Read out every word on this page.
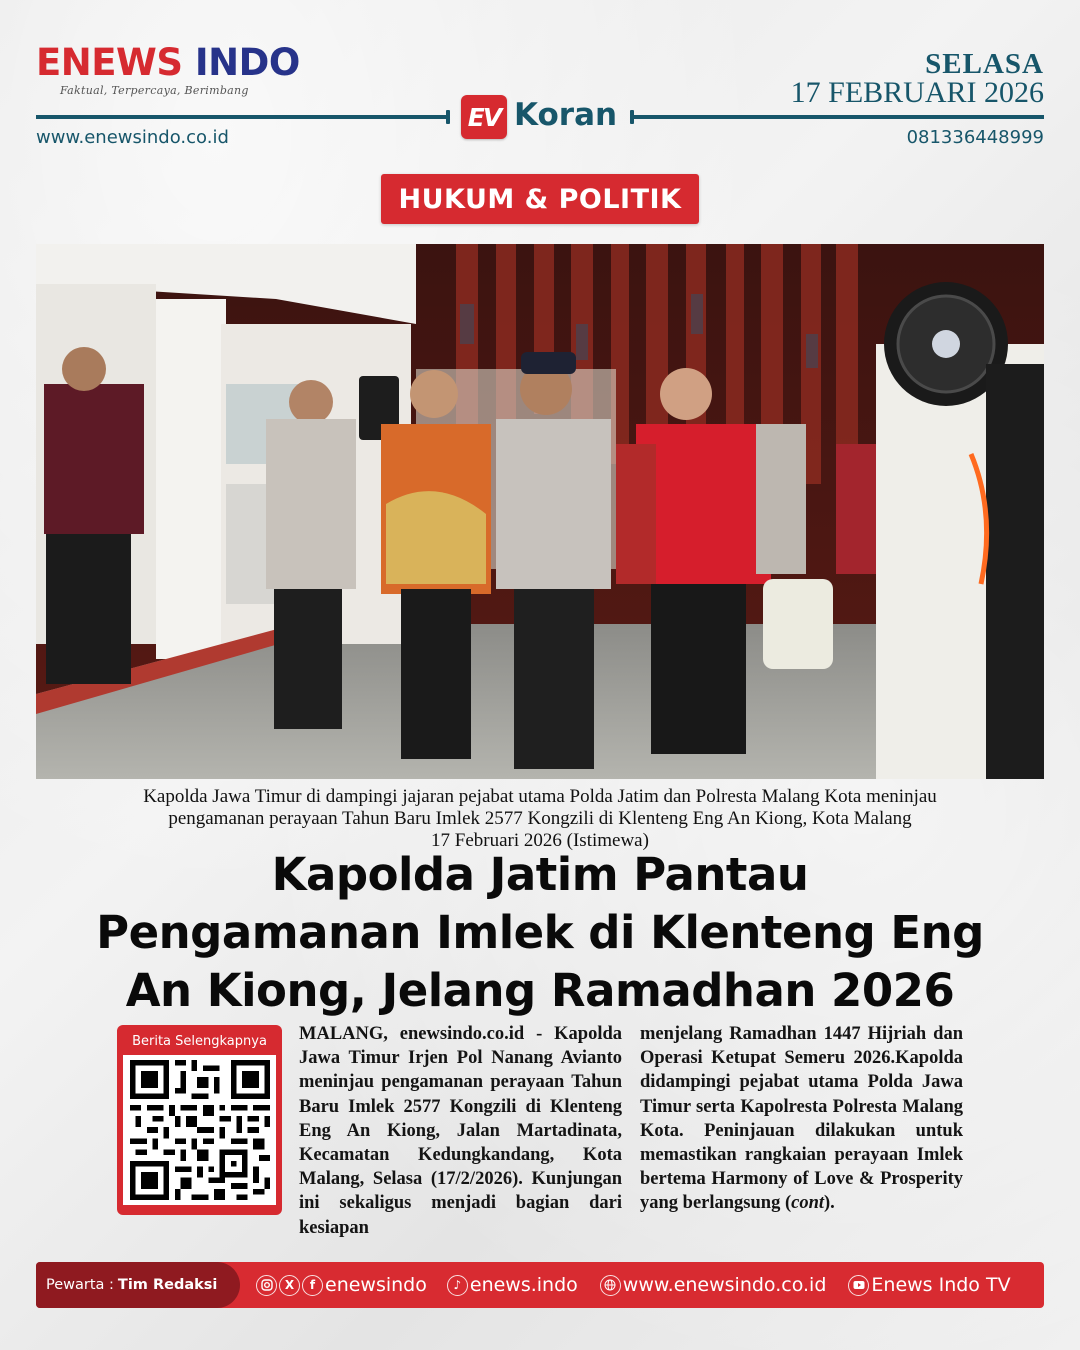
ENEWS INDO
Faktual, Terpercaya, Berimbang
SELASA
17 FEBRUARI 2026
EV Koran
www.enewsindo.co.id	081336448999
HUKUM & POLITIK
Kapolda Jawa Timur di dampingi jajaran pejabat utama Polda Jatim dan Polresta Malang Kota meninjau
pengamanan perayaan Tahun Baru Imlek 2577 Kongzili di Klenteng Eng An Kiong, Kota Malang
17 Februari 2026 (Istimewa)
Kapolda Jatim Pantau
Pengamanan Imlek di Klenteng Eng
An Kiong, Jelang Ramadhan 2026
Berita Selengkapnya	MALANG, enewsindo.co.id - Kapolda Jawa Timur Irjen Pol Nanang Avianto meninjau pengamanan perayaan Tahun Baru Imlek 2577 Kongzili di Klenteng Eng An Kiong, Jalan Martadinata, Kecamatan Kedungkandang, Kota Malang, Selasa (17/2/2026). Kunjungan ini sekaligus menjadi bagian dari kesiapan
menjelang Ramadhan 1447 Hijriah dan Operasi Ketupat Semeru 2026.Kapolda didampingi pejabat utama Polda Jawa Timur serta Kapolresta Polresta Malang Kota. Peninjauan dilakukan untuk memastikan rangkaian perayaan Imlek bertema Harmony of Love & Prosperity yang berlangsung (cont).
Pewarta : Tim Redaksi	X	f enewsindo	♪ enews.indo www.enewsindo.co.id Enews Indo TV
